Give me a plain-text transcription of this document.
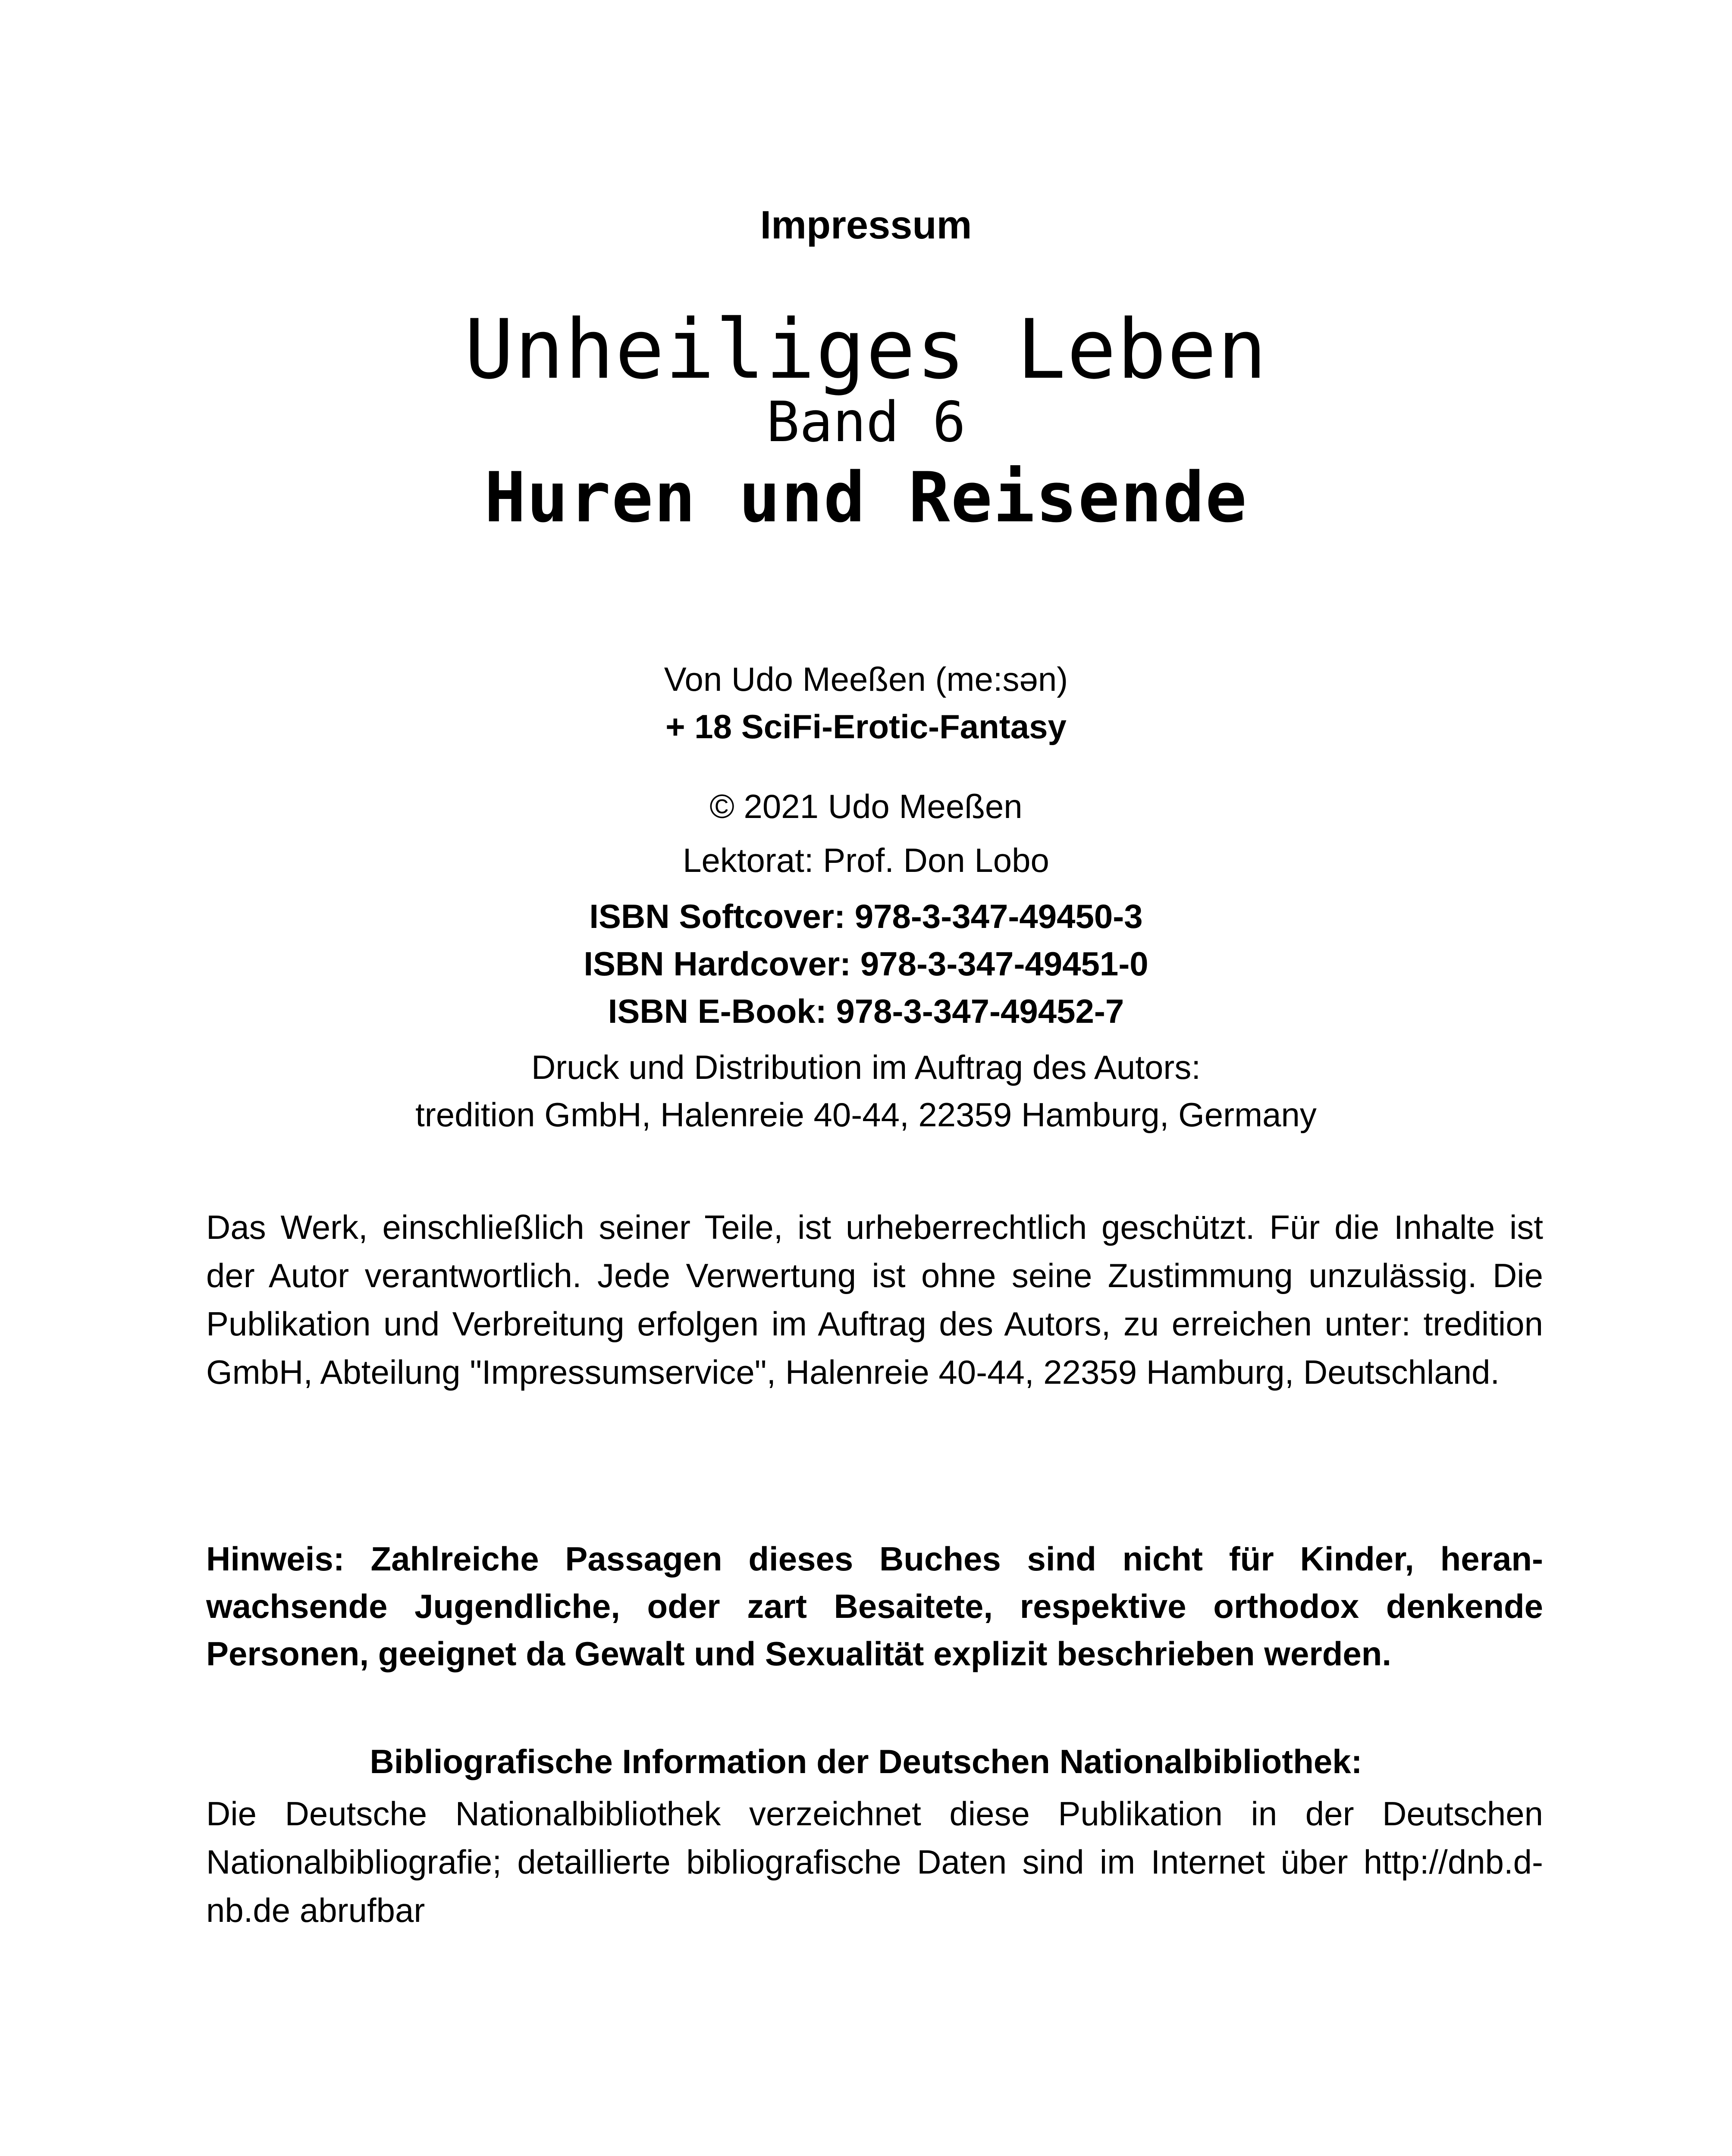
Impressum
Unheiliges Leben
Band 6
Huren und Reisende
Von Udo Meeßen (me:sən)
+ 18 SciFi-Erotic-Fantasy
© 2021 Udo Meeßen
Lektorat: Prof. Don Lobo
ISBN Softcover: 978-3-347-49450-3
ISBN Hardcover: 978-3-347-49451-0
ISBN E-Book: 978-3-347-49452-7
Druck und Distribution im Auftrag des Autors:
tredition GmbH, Halenreie 40-44, 22359 Hamburg, Germany
Das Werk, einschließlich seiner Teile, ist urheberrechtlich geschützt. Für die Inhalte ist der Autor verantwortlich. Jede Verwertung ist ohne seine Zustimmung unzulässig. Die Publikation und Verbreitung erfolgen im Auftrag des Autors, zu erreichen unter: tredition GmbH, Abteilung "Impressumservice", Halenreie 40-44, 22359 Hamburg, Deutschland.
Hinweis: Zahlreiche Passagen dieses Buches sind nicht für Kinder, heranwachsende Jugendliche, oder zart Besaitete, respektive orthodox denkende Personen, geeignet da Gewalt und Sexualität explizit beschrieben werden.
Bibliografische Information der Deutschen Nationalbibliothek:
Die Deutsche Nationalbibliothek verzeichnet diese Publikation in der Deutschen Nationalbibliografie; detaillierte bibliografische Daten sind im Internet über http://dnb.d-nb.de abrufbar
